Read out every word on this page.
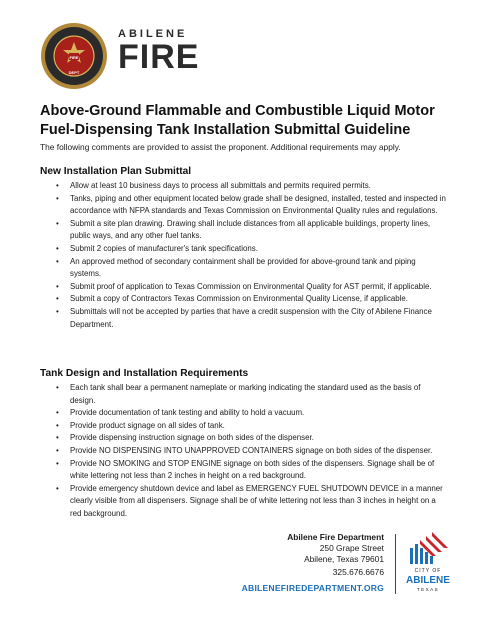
FIRE
DEPT
ABILENE
FIRE
Above-Ground Flammable and Combustible Liquid Motor Fuel-Dispensing Tank Installation Submittal Guideline
The following comments are provided to assist the proponent. Additional requirements may apply.
New Installation Plan Submittal
• Allow at least 10 business days to process all submittals and permits required permits.
• Tanks, piping and other equipment located below grade shall be designed, installed, tested and inspected in accordance with NFPA standards and Texas Commission on Environmental Quality rules and regulations.
• Submit a site plan drawing. Drawing shall include distances from all applicable buildings, property lines, public ways, and any other fuel tanks.
• Submit 2 copies of manufacturer's tank specifications.
• An approved method of secondary containment shall be provided for above-ground tank and piping systems.
• Submit proof of application to Texas Commission on Environmental Quality for AST permit, if applicable.
• Submit a copy of Contractors Texas Commission on Environmental Quality License, if applicable.
• Submittals will not be accepted by parties that have a credit suspension with the City of Abilene Finance Department.
Tank Design and Installation Requirements
• Each tank shall bear a permanent nameplate or marking indicating the standard used as the basis of design.
• Provide documentation of tank testing and ability to hold a vacuum.
• Provide product signage on all sides of tank.
• Provide dispensing instruction signage on both sides of the dispenser.
• Provide NO DISPENSING INTO UNAPPROVED CONTAINERS signage on both sides of the dispenser.
• Provide NO SMOKING and STOP ENGINE signage on both sides of the dispensers. Signage shall be of white lettering not less than 2 inches in height on a red background.
• Provide emergency shutdown device and label as EMERGENCY FUEL SHUTDOWN DEVICE in a manner clearly visible from all dispensers. Signage shall be of white lettering not less than 3 inches in height on a red background.
Abilene Fire Department
250 Grape Street
Abilene, Texas 79601
325.676.6676
ABILENEFIREDEPARTMENT.ORG
CITY OF
ABILENE
TEXAS
